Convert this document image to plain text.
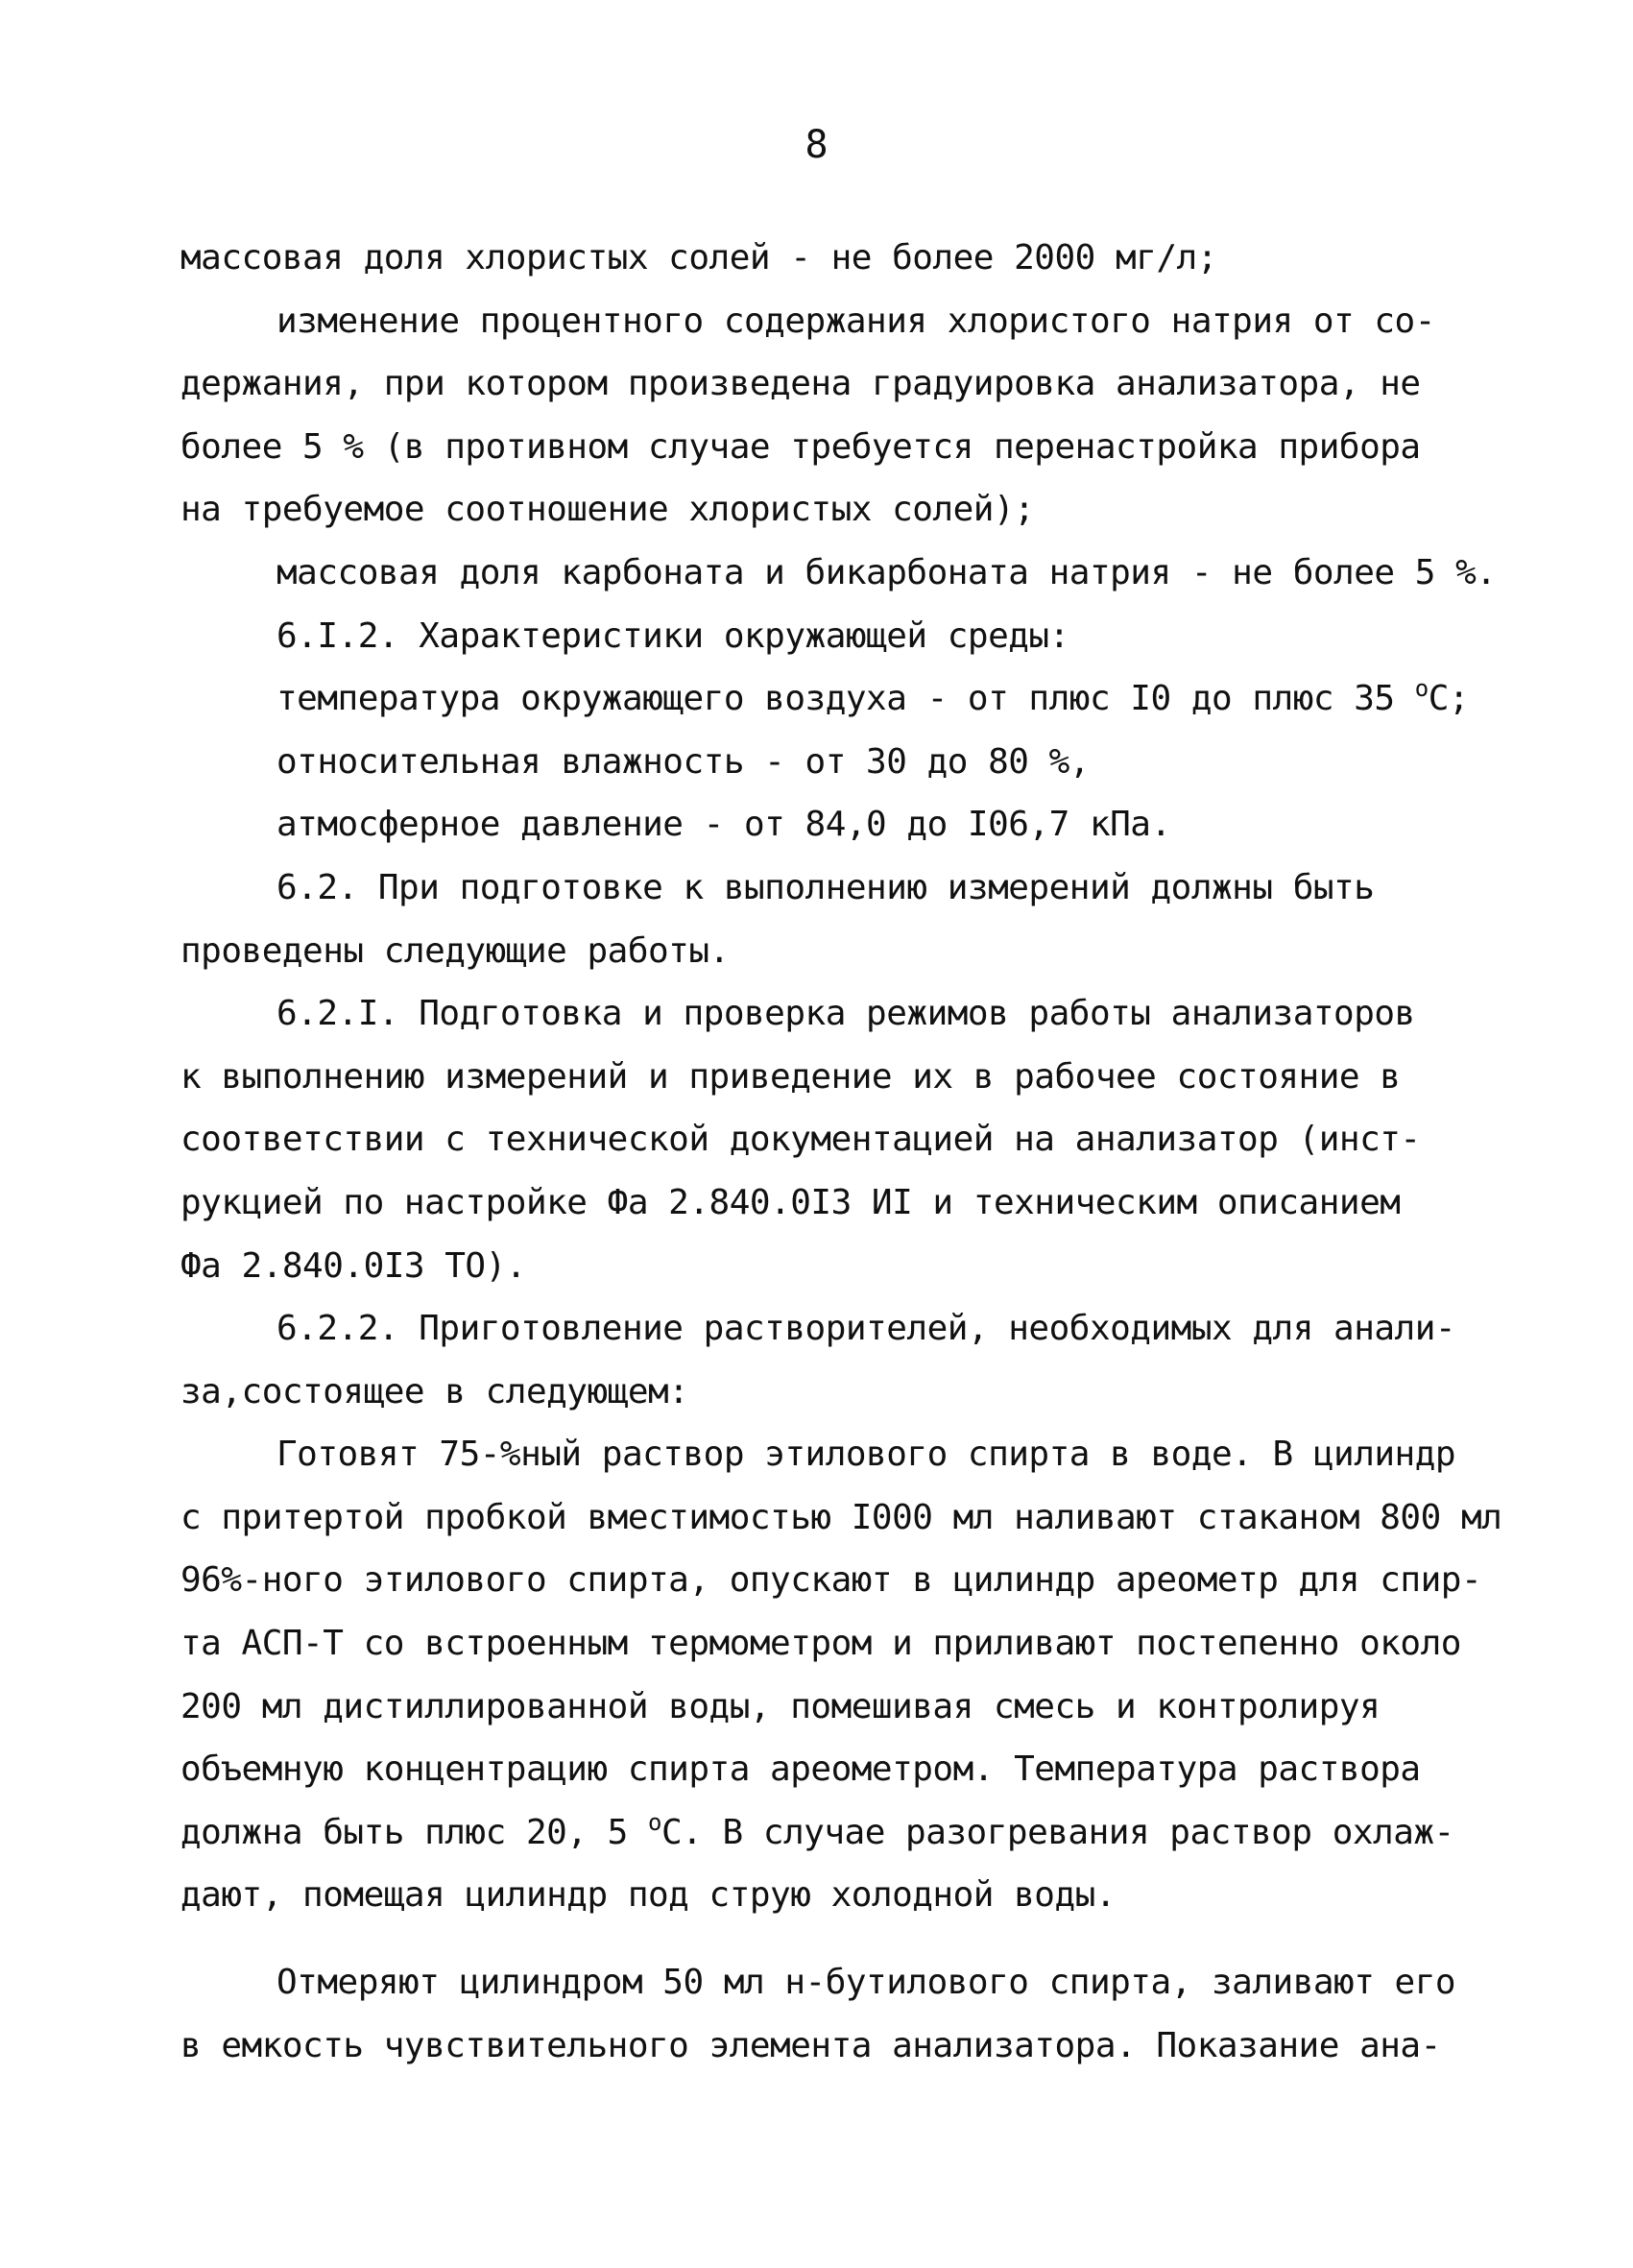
8
массовая доля хлористых солей - не более 2000 мг/л;
изменение процентного содержания хлористого натрия от со-
держания, при котором произведена градуировка анализатора, не
более 5 % (в противном случае требуется перенастройка прибора
на требуемое соотношение хлористых солей);
массовая доля карбоната и бикарбоната натрия - не более 5 %.
6.I.2. Характеристики окружающей среды:
температура окружающего воздуха - от плюс I0 до плюс 35 $^o$С;
относительная влажность - от 30 до 80 %,
атмосферное давление - от 84,0 до I06,7 кПа.
6.2. При подготовке к выполнению измерений должны быть
проведены следующие работы.
6.2.I. Подготовка и проверка режимов работы анализаторов
к выполнению измерений и приведение их в рабочее состояние в
соответствии с технической документацией на анализатор (инст-
рукцией по настройке Фа 2.840.0I3 ИI и техническим описанием
Фа 2.840.0I3 ТО).
6.2.2. Приготовление растворителей, необходимых для анали-
за,состоящее в следующем:
Готовят 75-%ный раствор этилового спирта в воде. В цилиндр
с притертой пробкой вместимостью I000 мл наливают стаканом 800 мл
96%-ного этилового спирта, опускают в цилиндр ареометр для спир-
та АСП-Т со встроенным термометром и приливают постепенно около
200 мл дистиллированной воды, помешивая смесь и контролируя
объемную концентрацию спирта ареометром. Температура раствора
должна быть плюс 20, 5 $^o$С. В случае разогревания раствор охлаж-
дают, помещая цилиндр под струю холодной воды.
Отмеряют цилиндром 50 мл н-бутилового спирта, заливают его
в емкость чувствительного элемента анализатора. Показание ана-
